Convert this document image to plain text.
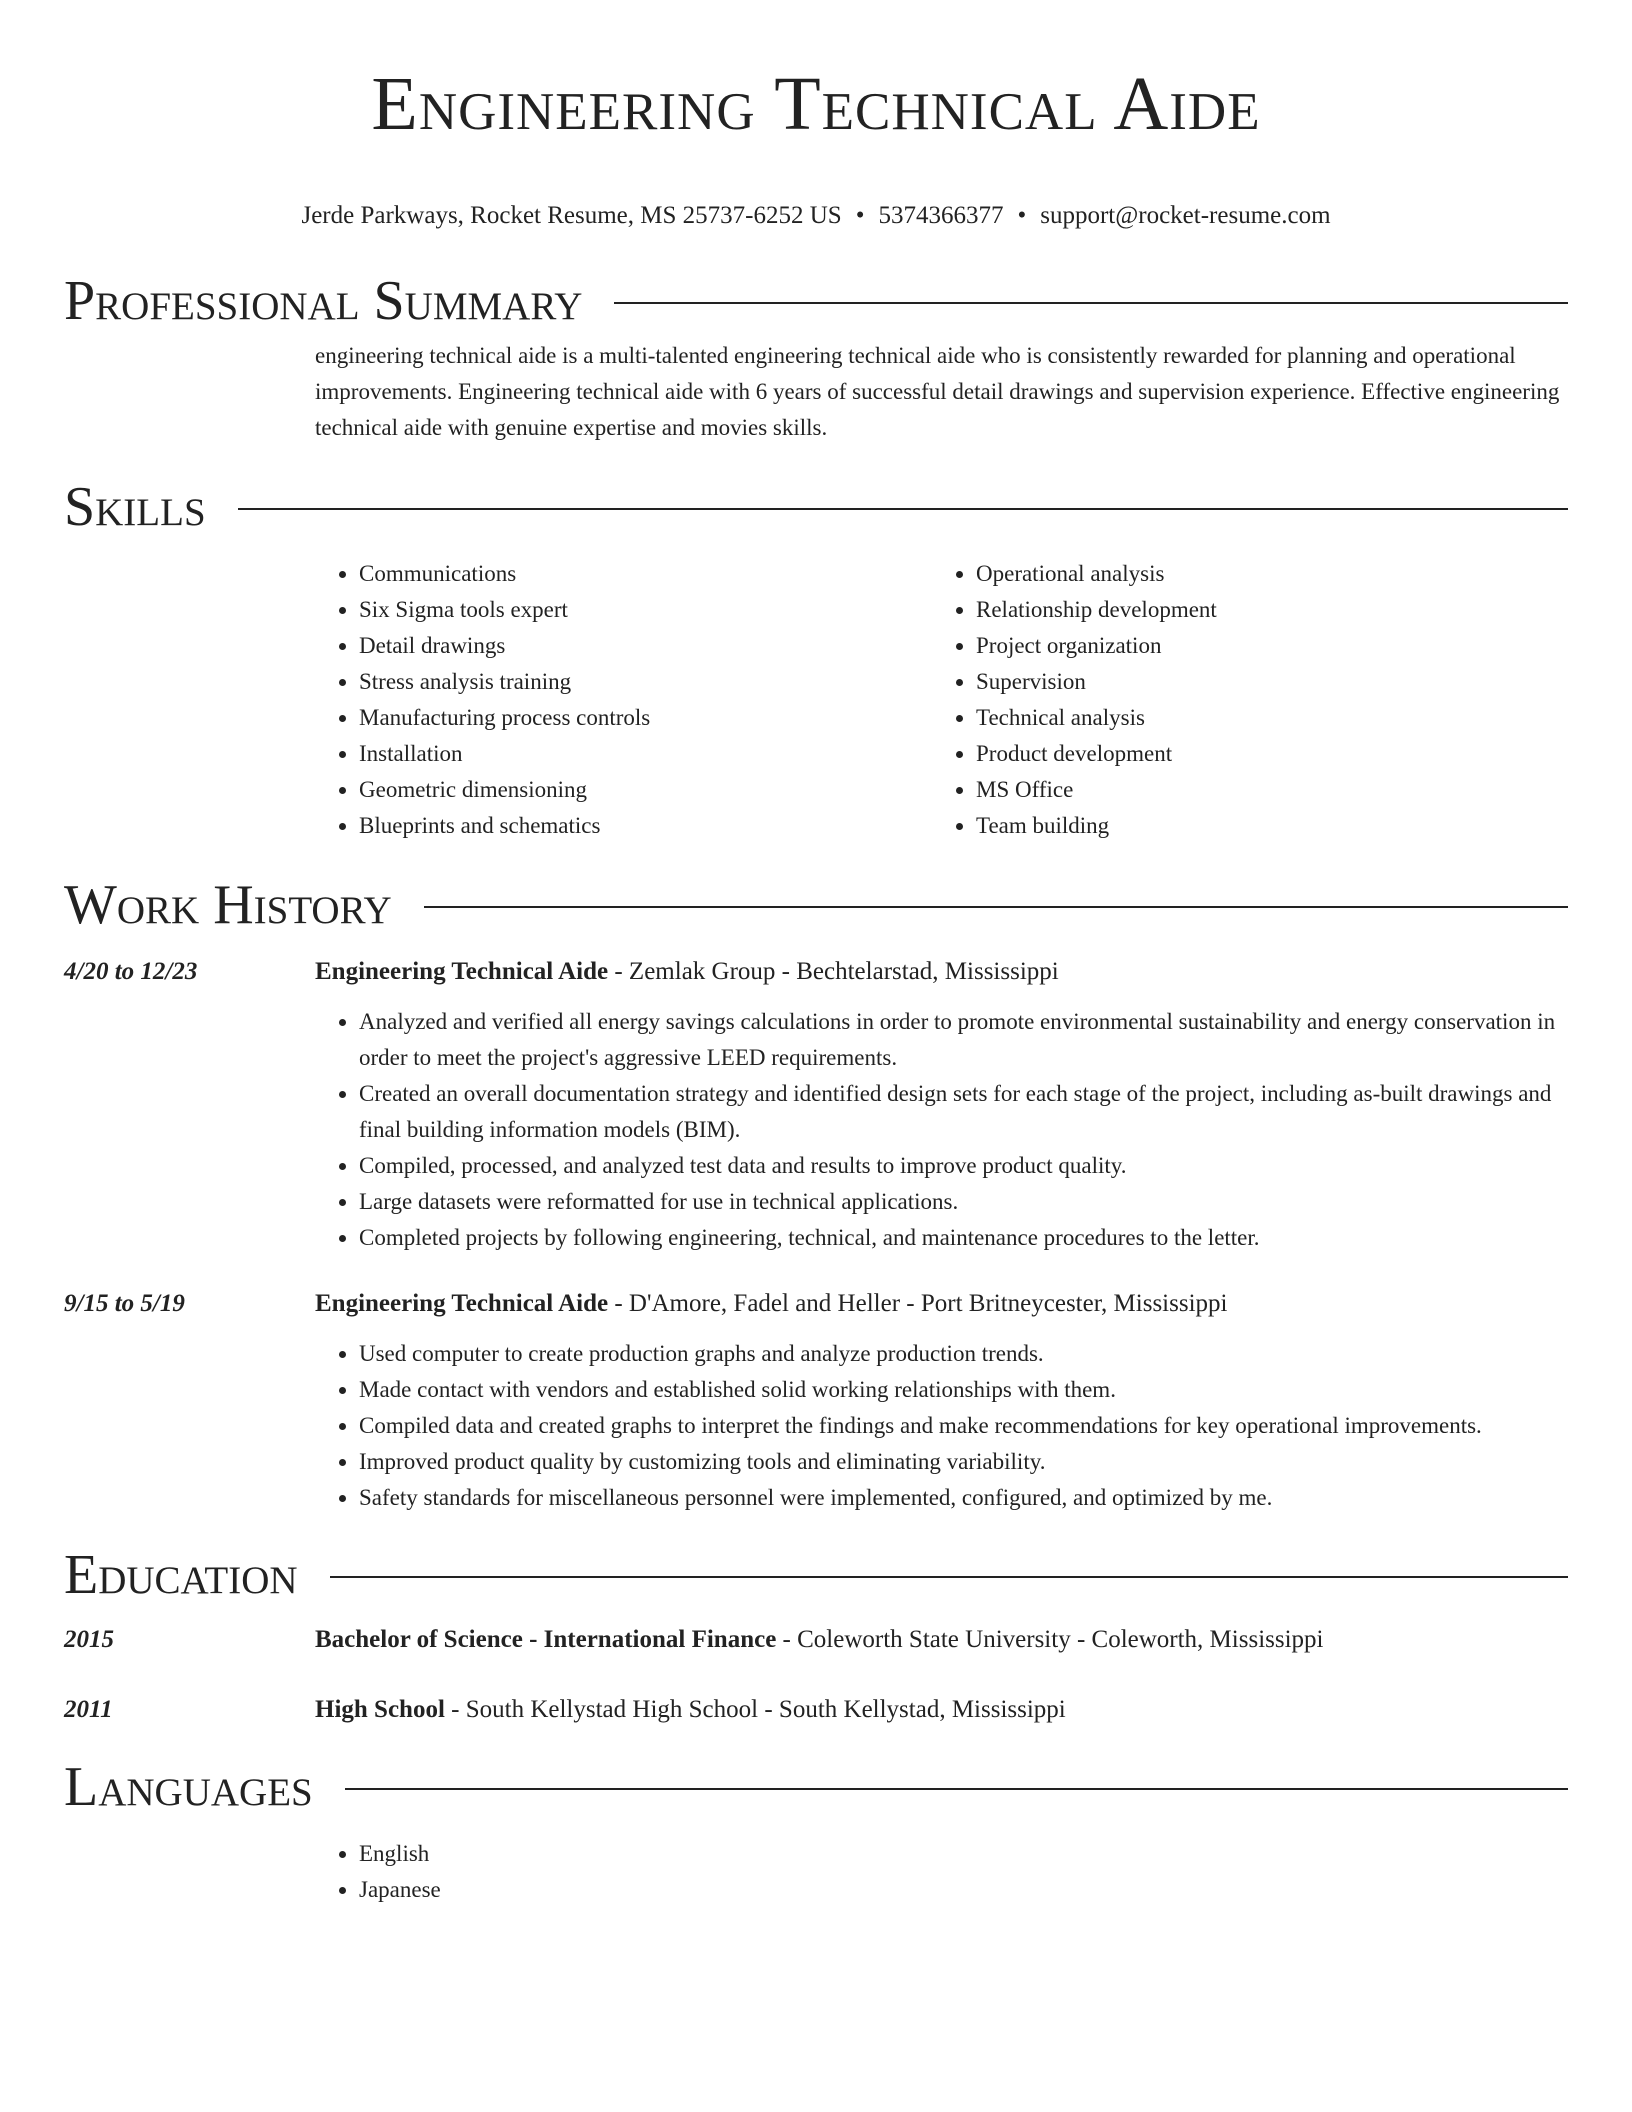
Engineering Technical Aide
Jerde Parkways, Rocket Resume, MS 25737-6252 US • 5374366377 • support@rocket-resume.com
Professional Summary
engineering technical aide is a multi-talented engineering technical aide who is consistently rewarded for planning and operational improvements. Engineering technical aide with 6 years of successful detail drawings and supervision experience. Effective engineering technical aide with genuine expertise and movies skills.
Skills
• Communications
• Six Sigma tools expert
• Detail drawings
• Stress analysis training
• Manufacturing process controls
• Installation
• Geometric dimensioning
• Blueprints and schematics
• Operational analysis
• Relationship development
• Project organization
• Supervision
• Technical analysis
• Product development
• MS Office
• Team building
Work History
4/20 to 12/23	Engineering Technical Aide - Zemlak Group - Bechtelarstad, Mississippi
• Analyzed and verified all energy savings calculations in order to promote environmental sustainability and energy conservation in order to meet the project's aggressive LEED requirements.
• Created an overall documentation strategy and identified design sets for each stage of the project, including as-built drawings and final building information models (BIM).
• Compiled, processed, and analyzed test data and results to improve product quality.
• Large datasets were reformatted for use in technical applications.
• Completed projects by following engineering, technical, and maintenance procedures to the letter.
9/15 to 5/19	Engineering Technical Aide - D'Amore, Fadel and Heller - Port Britneycester, Mississippi
• Used computer to create production graphs and analyze production trends.
• Made contact with vendors and established solid working relationships with them.
• Compiled data and created graphs to interpret the findings and make recommendations for key operational improvements.
• Improved product quality by customizing tools and eliminating variability.
• Safety standards for miscellaneous personnel were implemented, configured, and optimized by me.
Education
2015	Bachelor of Science - International Finance - Coleworth State University - Coleworth, Mississippi
2011	High School - South Kellystad High School - South Kellystad, Mississippi
Languages
• English
• Japanese
